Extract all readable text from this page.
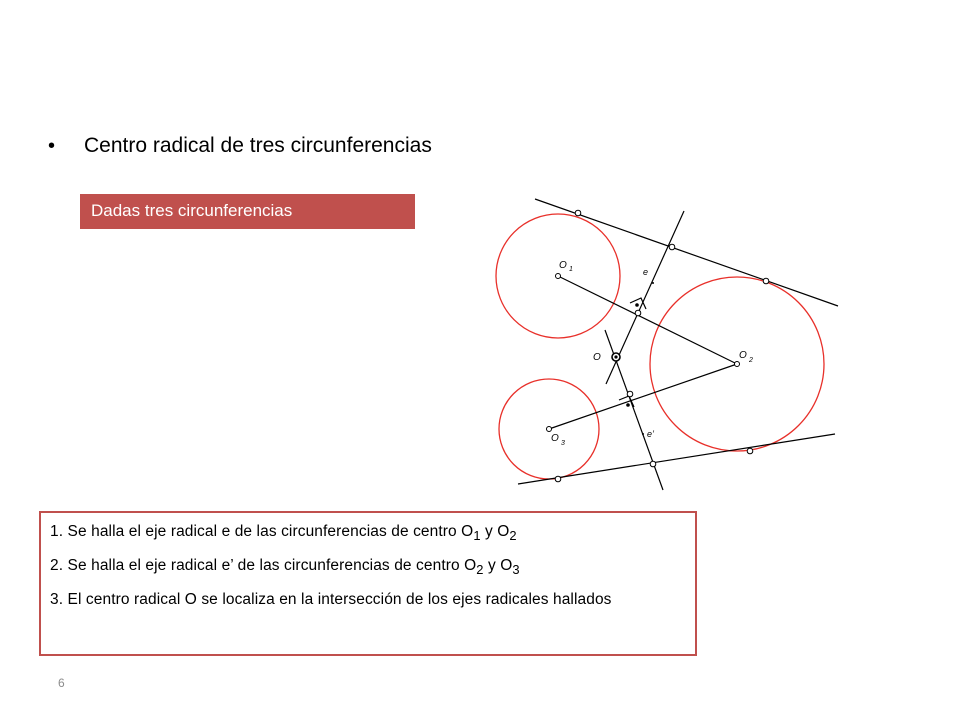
•	Centro radical de tres circunferencias
Dadas tres circunferencias
O 1
O 2
O 3
O
e
e’
1. Se halla el eje radical e de las circunferencias de centro $O_1$ y $O_2$
2. Se halla el eje radical e’ de las circunferencias de centro $O_2$ y $O_3$
3. El centro radical O se localiza en la intersección de los ejes radicales hallados
6
